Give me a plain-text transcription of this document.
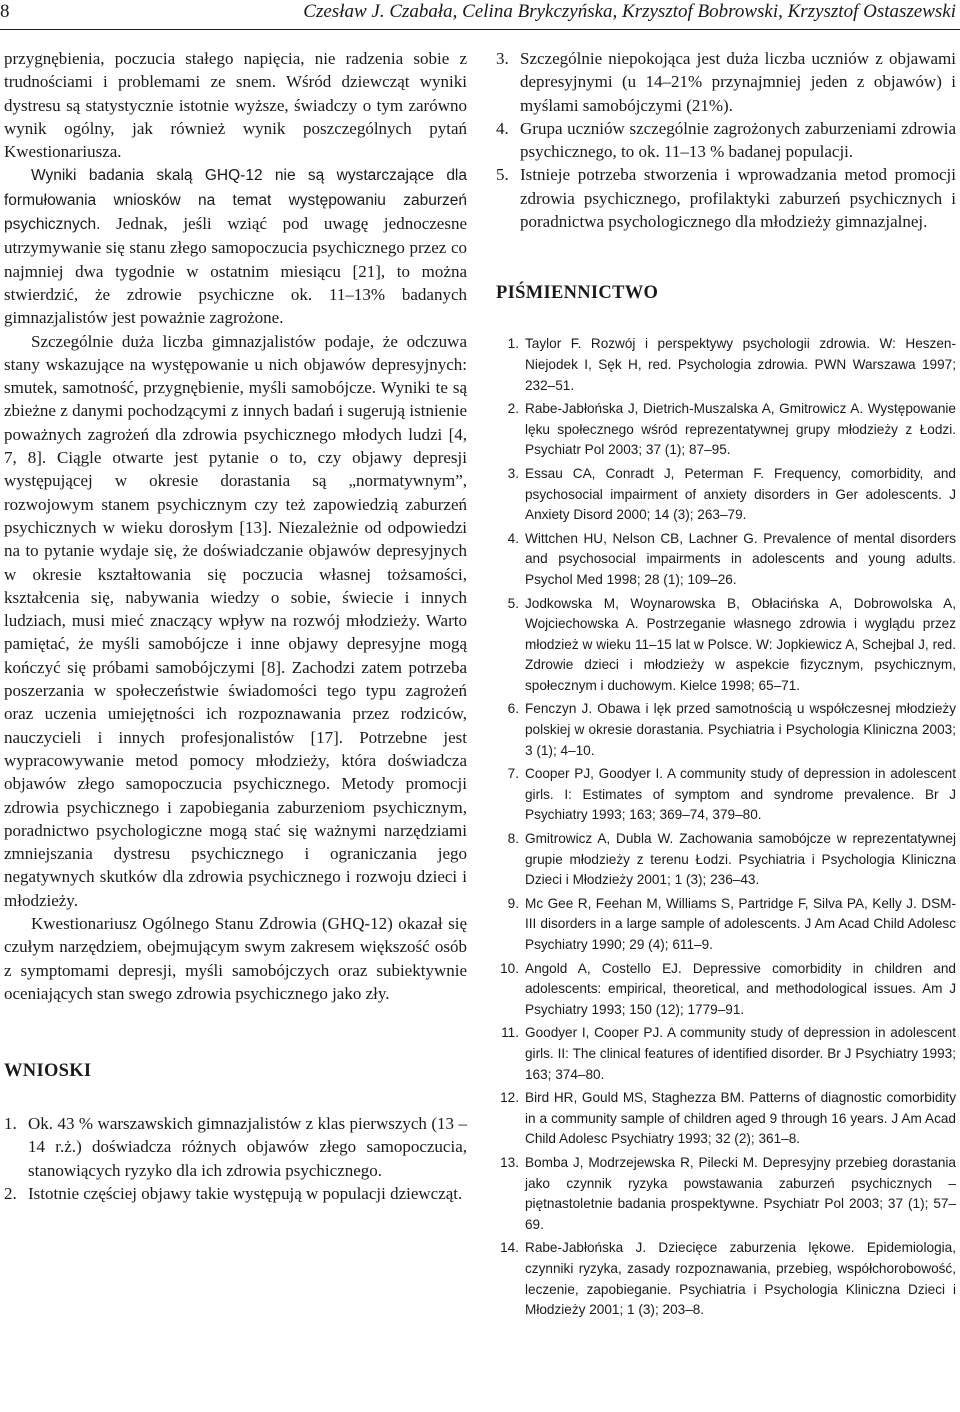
8	Czesław J. Czabała, Celina Brykczyńska, Krzysztof Bobrowski, Krzysztof Ostaszewski

przygnębienia, poczucia stałego napięcia, nie radzenia sobie z trudnościami i problemami ze snem. Wśród dziewcząt wyniki dystresu są statystycznie istotnie wyższe, świadczy o tym zarówno wynik ogólny, jak również wynik poszczególnych pytań Kwestionariusza.

Wyniki badania skalą GHQ-12 nie są wystarczające dla formułowania wniosków na temat występowaniu zaburzeń psychicznych. Jednak, jeśli wziąć pod uwagę jednoczesne utrzymywanie się stanu złego samopoczucia psychicznego przez co najmniej dwa tygodnie w ostatnim miesiącu [21], to można stwierdzić, że zdrowie psychiczne ok. 11–13% badanych gimnazjalistów jest poważnie zagrożone.

Szczególnie duża liczba gimnazjalistów podaje, że odczuwa stany wskazujące na występowanie u nich objawów depresyjnych: smutek, samotność, przygnębienie, myśli samobójcze. Wyniki te są zbieżne z danymi pochodzącymi z innych badań i sugerują istnienie poważnych zagrożeń dla zdrowia psychicznego młodych ludzi [4, 7, 8]. Ciągle otwarte jest pytanie o to, czy objawy depresji występującej w okresie dorastania są „normatywnym”, rozwojowym stanem psychicznym czy też zapowiedzią zaburzeń psychicznych w wieku dorosłym [13]. Niezależnie od odpowiedzi na to pytanie wydaje się, że doświadczanie objawów depresyjnych w okresie kształtowania się poczucia własnej tożsamości, kształcenia się, nabywania wiedzy o sobie, świecie i innych ludziach, musi mieć znaczący wpływ na rozwój młodzieży. Warto pamiętać, że myśli samobójcze i inne objawy depresyjne mogą kończyć się próbami samobójczymi [8]. Zachodzi zatem potrzeba poszerzania w społeczeństwie świadomości tego typu zagrożeń oraz uczenia umiejętności ich rozpoznawania przez rodziców, nauczycieli i innych profesjonalistów [17]. Potrzebne jest wypracowywanie metod pomocy młodzieży, która doświadcza objawów złego samopoczucia psychicznego. Metody promocji zdrowia psychicznego i zapobiegania zaburzeniom psychicznym, poradnictwo psychologiczne mogą stać się ważnymi narzędziami zmniejszania dystresu psychicznego i ograniczania jego negatywnych skutków dla zdrowia psychicznego i rozwoju dzieci i młodzieży.

Kwestionariusz Ogólnego Stanu Zdrowia (GHQ-12) okazał się czułym narzędziem, obejmującym swym zakresem większość osób z symptomami depresji, myśli samobójczych oraz subiektywnie oceniających stan swego zdrowia psychicznego jako zły.

WNIOSKI
1. Ok. 43 % warszawskich gimnazjalistów z klas pierwszych (13 – 14 r.ż.) doświadcza różnych objawów złego samopoczucia, stanowiących ryzyko dla ich zdrowia psychicznego.
2. Istotnie częściej objawy takie występują w populacji dziewcząt.
3. Szczególnie niepokojąca jest duża liczba uczniów z objawami depresyjnymi (u 14–21% przynajmniej jeden z objawów) i myślami samobójczymi (21%).
4. Grupa uczniów szczególnie zagrożonych zaburzeniami zdrowia psychicznego, to ok. 11–13 % badanej populacji.
5. Istnieje potrzeba stworzenia i wprowadzania metod promocji zdrowia psychicznego, profilaktyki zaburzeń psychicznych i poradnictwa psychologicznego dla młodzieży gimnazjalnej.
PIŚMIENNICTWO
1. Taylor F. Rozwój i perspektywy psychologii zdrowia. W: Heszen-Niejodek I, Sęk H, red. Psychologia zdrowia. PWN Warszawa 1997; 232–51.
2. Rabe-Jabłońska J, Dietrich-Muszalska A, Gmitrowicz A. Występowanie lęku społecznego wśród reprezentatywnej grupy młodzieży z Łodzi. Psychiatr Pol 2003; 37 (1); 87–95.
3. Essau CA, Conradt J, Peterman F. Frequency, comorbidity, and psychosocial impairment of anxiety disorders in Ger adolescents. J Anxiety Disord 2000; 14 (3); 263–79.
4. Wittchen HU, Nelson CB, Lachner G. Prevalence of mental disorders and psychosocial impairments in adolescents and young adults. Psychol Med 1998; 28 (1); 109–26.
5. Jodkowska M, Woynarowska B, Obłacińska A, Dobrowolska A, Wojciechowska A. Postrzeganie własnego zdrowia i wyglądu przez młodzież w wieku 11–15 lat w Polsce. W: Jopkiewicz A, Schejbal J, red. Zdrowie dzieci i młodzieży w aspekcie fizycznym, psychicznym, społecznym i duchowym. Kielce 1998; 65–71.
6. Fenczyn J. Obawa i lęk przed samotnością u współczesnej młodzieży polskiej w okresie dorastania. Psychiatria i Psychologia Kliniczna 2003; 3 (1); 4–10.
7. Cooper PJ, Goodyer I. A community study of depression in adolescent girls. I: Estimates of symptom and syndrome prevalence. Br J Psychiatry 1993; 163; 369–74, 379–80.
8. Gmitrowicz A, Dubla W. Zachowania samobójcze w reprezentatywnej grupie młodzieży z terenu Łodzi. Psychiatria i Psychologia Kliniczna Dzieci i Młodzieży 2001; 1 (3); 236–43.
9. Mc Gee R, Feehan M, Williams S, Partridge F, Silva PA, Kelly J. DSM-III disorders in a large sample of adolescents. J Am Acad Child Adolesc Psychiatry 1990; 29 (4); 611–9.
10. Angold A, Costello EJ. Depressive comorbidity in children and adolescents: empirical, theoretical, and methodological issues. Am J Psychiatry 1993; 150 (12); 1779–91.
11. Goodyer I, Cooper PJ. A community study of depression in adolescent girls. II: The clinical features of identified disorder. Br J Psychiatry 1993; 163; 374–80.
12. Bird HR, Gould MS, Staghezza BM. Patterns of diagnostic comorbidity in a community sample of children aged 9 through 16 years. J Am Acad Child Adolesc Psychiatry 1993; 32 (2); 361–8.
13. Bomba J, Modrzejewska R, Pilecki M. Depresyjny przebieg dorastania jako czynnik ryzyka powstawania zaburzeń psychicznych – piętnastoletnie badania prospektywne. Psychiatr Pol 2003; 37 (1); 57–69.
14. Rabe-Jabłońska J. Dziecięce zaburzenia lękowe. Epidemiologia, czynniki ryzyka, zasady rozpoznawania, przebieg, współchorobowość, leczenie, zapobieganie. Psychiatria i Psychologia Kliniczna Dzieci i Młodzieży 2001; 1 (3); 203–8.
